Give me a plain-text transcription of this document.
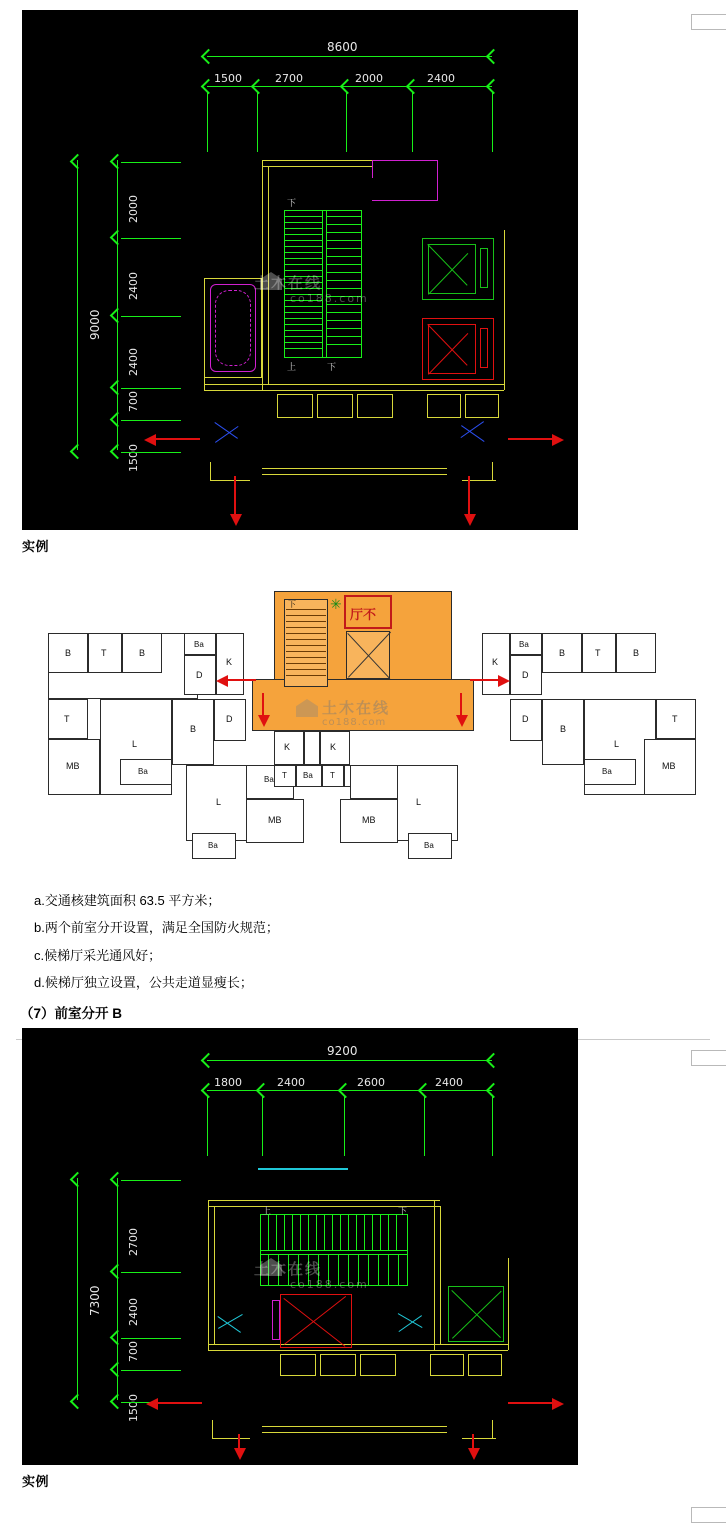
8600
1500	2700	2000	2400
9000
2000
2400
2400
700
1500
下
上	下
土木在线
co188.com
实例
B	T	B
Ba
D
K
T
MB
L
Ba
B
D
L
Ba
MB
Ba
下 ✳
厅不
K	K
T Ba T
K
Ba
D
B	T	B
D
B
L
Ba
T
MB
L
MB
Ba
土木在线
co188.com

a.交通核建筑面积 63.5 平方米；

b.两个前室分开设置，满足全国防火规范；

c.候梯厅采光通风好；

d.候梯厅独立设置，公共走道显瘦长；

（7）前室分开 B
9200
1800	2400	2600	2400
7300
2700
2400
700
1500
上	下
土木在线
co188.com
实例
